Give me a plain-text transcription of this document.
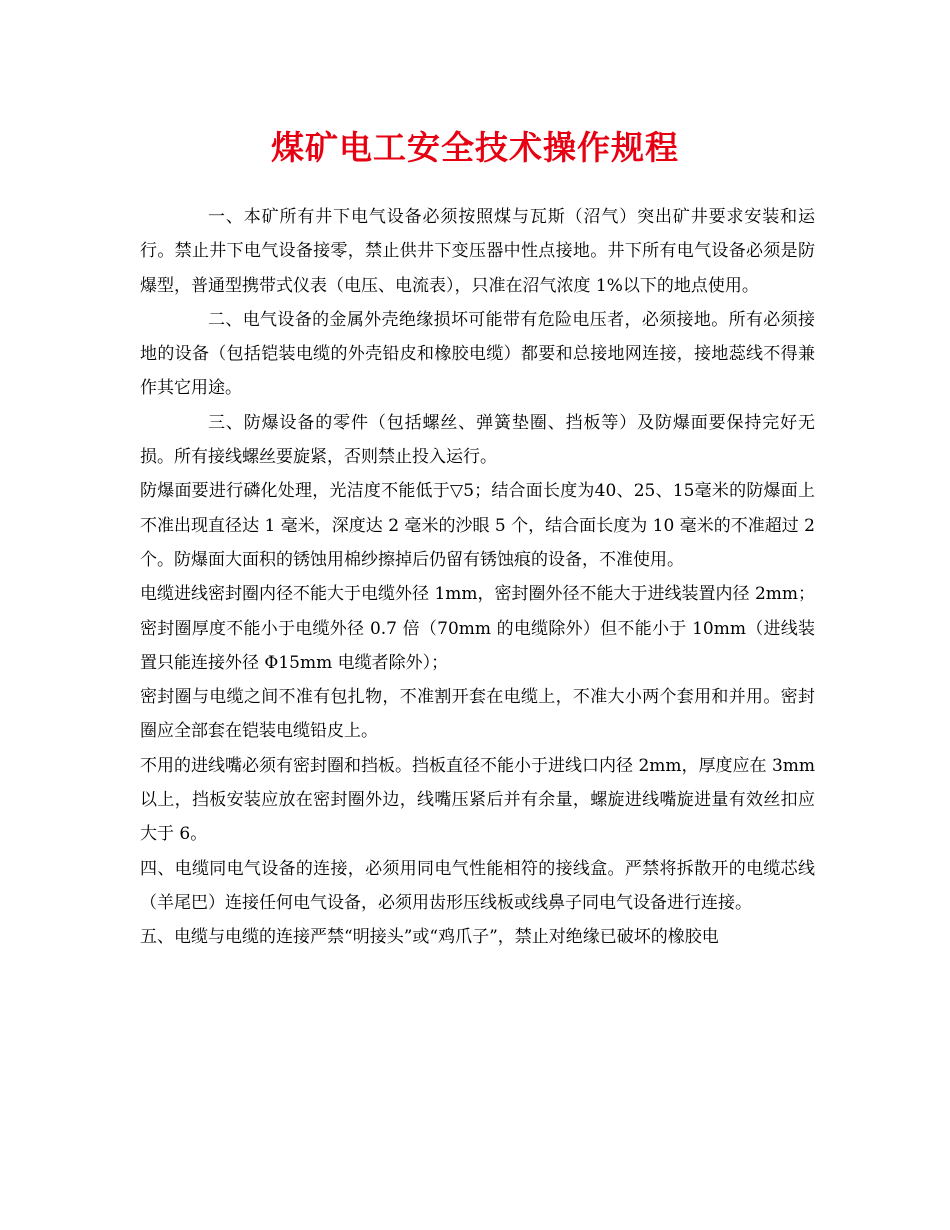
煤矿电工安全技术操作规程

一、本矿所有井下电气设备必须按照煤与瓦斯（沼气）突出矿井要求安装和运行。禁止井下电气设备接零，禁止供井下变压器中性点接地。井下所有电气设备必须是防爆型，普通型携带式仪表（电压、电流表），只准在沼气浓度 1%以下的地点使用。

二、电气设备的金属外壳绝缘损坏可能带有危险电压者，必须接地。所有必须接地的设备（包括铠装电缆的外壳铅皮和橡胶电缆）都要和总接地网连接，接地蕊线不得兼作其它用途。

三、防爆设备的零件（包括螺丝、弹簧垫圈、挡板等）及防爆面要保持完好无损。所有接线螺丝要旋紧，否则禁止投入运行。

防爆面要进行磷化处理，光洁度不能低于▽5；结合面长度为40、25、15毫米的防爆面上不准出现直径达 1 毫米，深度达 2 毫米的沙眼 5 个，结合面长度为 10 毫米的不准超过 2 个。防爆面大面积的锈蚀用棉纱擦掉后仍留有锈蚀痕的设备，不准使用。

电缆进线密封圈内径不能大于电缆外径 1mm，密封圈外径不能大于进线装置内径 2mm；密封圈厚度不能小于电缆外径 0.7 倍（70mm 的电缆除外）但不能小于 10mm（进线装置只能连接外径 Φ15mm 电缆者除外）；

密封圈与电缆之间不准有包扎物，不准割开套在电缆上，不准大小两个套用和并用。密封圈应全部套在铠装电缆铅皮上。

不用的进线嘴必须有密封圈和挡板。挡板直径不能小于进线口内径 2mm，厚度应在 3mm 以上，挡板安装应放在密封圈外边，线嘴压紧后并有余量，螺旋进线嘴旋进量有效丝扣应大于 6。

四、电缆同电气设备的连接，必须用同电气性能相符的接线盒。严禁将拆散开的电缆芯线（羊尾巴）连接任何电气设备，必须用齿形压线板或线鼻子同电气设备进行连接。

五、电缆与电缆的连接严禁“明接头”或“鸡爪子”，禁止对绝缘已破坏的橡胶电
